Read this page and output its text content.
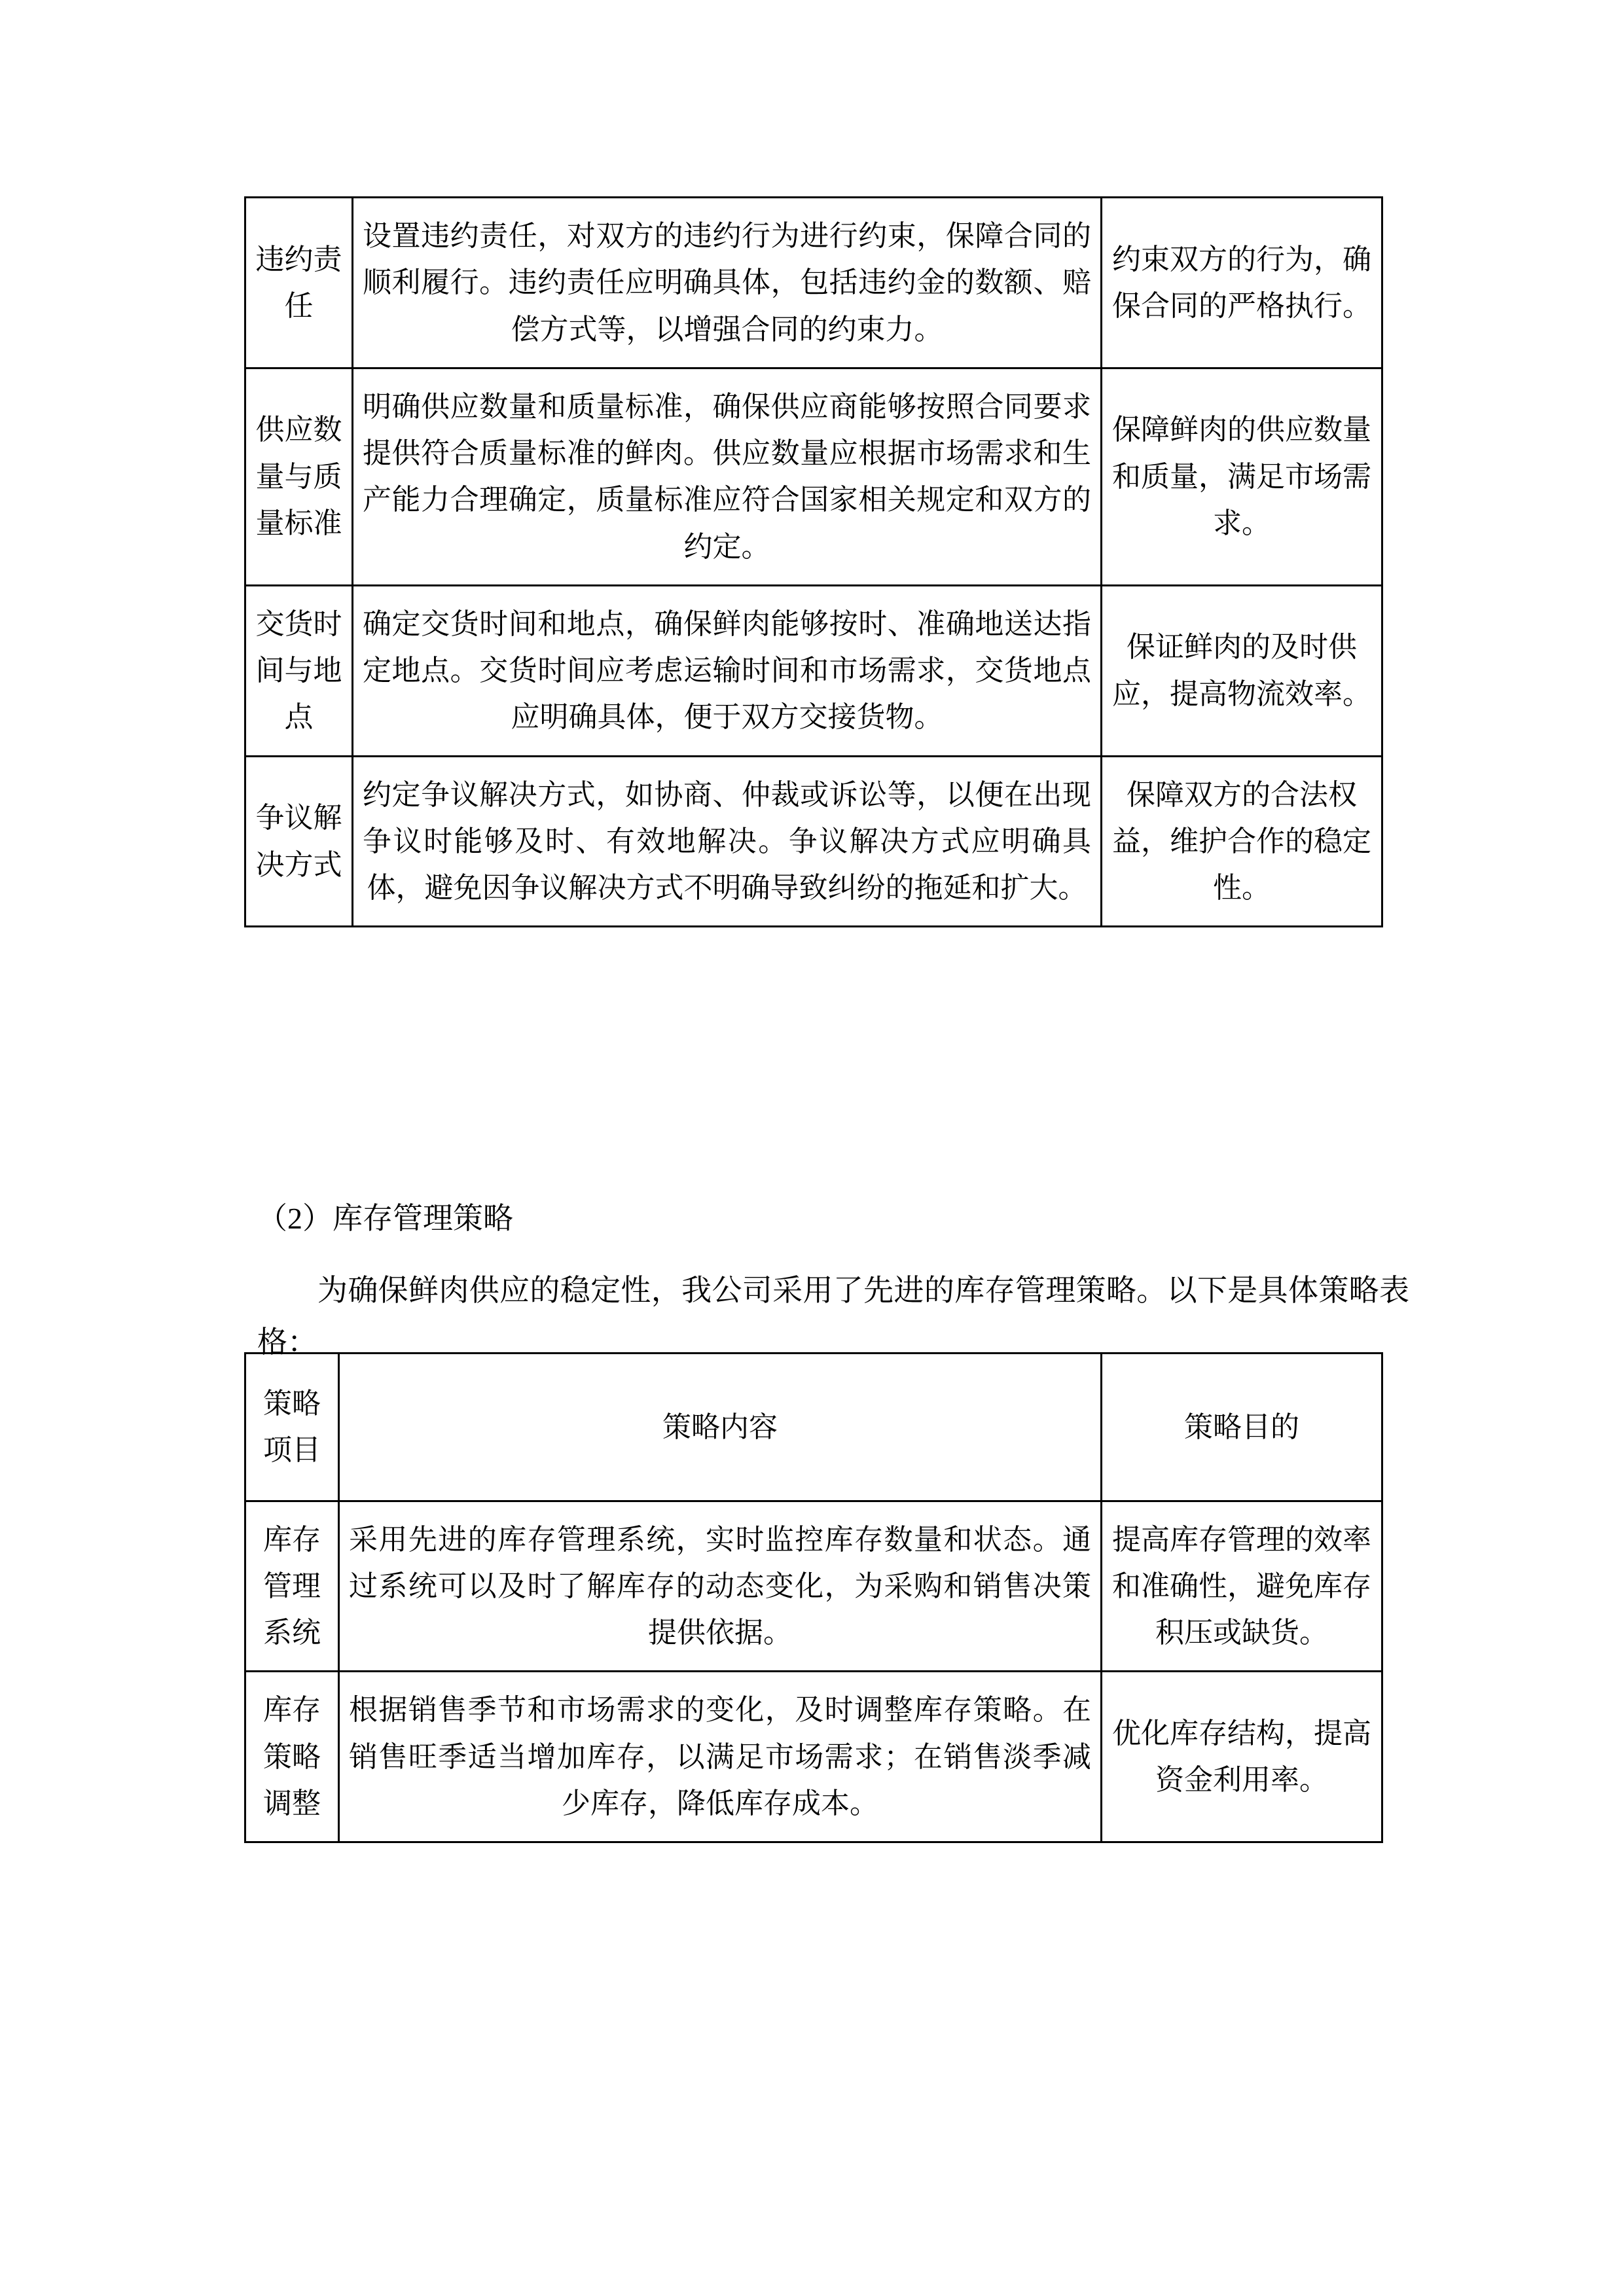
违约责任	设置违约责任，对双方的违约行为进行约束，保障合同的顺利履行。违约责任应明确具体，包括违约金的数额、赔偿方式等，以增强合同的约束力。	约束双方的行为，确保合同的严格执行。
供应数量与质量标准	明确供应数量和质量标准，确保供应商能够按照合同要求提供符合质量标准的鲜肉。供应数量应根据市场需求和生产能力合理确定，质量标准应符合国家相关规定和双方的约定。	保障鲜肉的供应数量和质量，满足市场需求。
交货时间与地点	确定交货时间和地点，确保鲜肉能够按时、准确地送达指定地点。交货时间应考虑运输时间和市场需求，交货地点应明确具体，便于双方交接货物。	保证鲜肉的及时供应，提高物流效率。
争议解决方式	约定争议解决方式，如协商、仲裁或诉讼等，以便在出现争议时能够及时、有效地解决。争议解决方式应明确具体，避免因争议解决方式不明确导致纠纷的拖延和扩大。	保障双方的合法权益，维护合作的稳定性。
（2）库存管理策略
为确保鲜肉供应的稳定性，我公司采用了先进的库存管理策略。以下是具体策略表格：
策略项目	策略内容	策略目的
库存管理系统	采用先进的库存管理系统，实时监控库存数量和状态。通过系统可以及时了解库存的动态变化，为采购和销售决策提供依据。	提高库存管理的效率和准确性，避免库存积压或缺货。
库存策略调整	根据销售季节和市场需求的变化，及时调整库存策略。在销售旺季适当增加库存，以满足市场需求；在销售淡季减少库存，降低库存成本。	优化库存结构，提高资金利用率。
